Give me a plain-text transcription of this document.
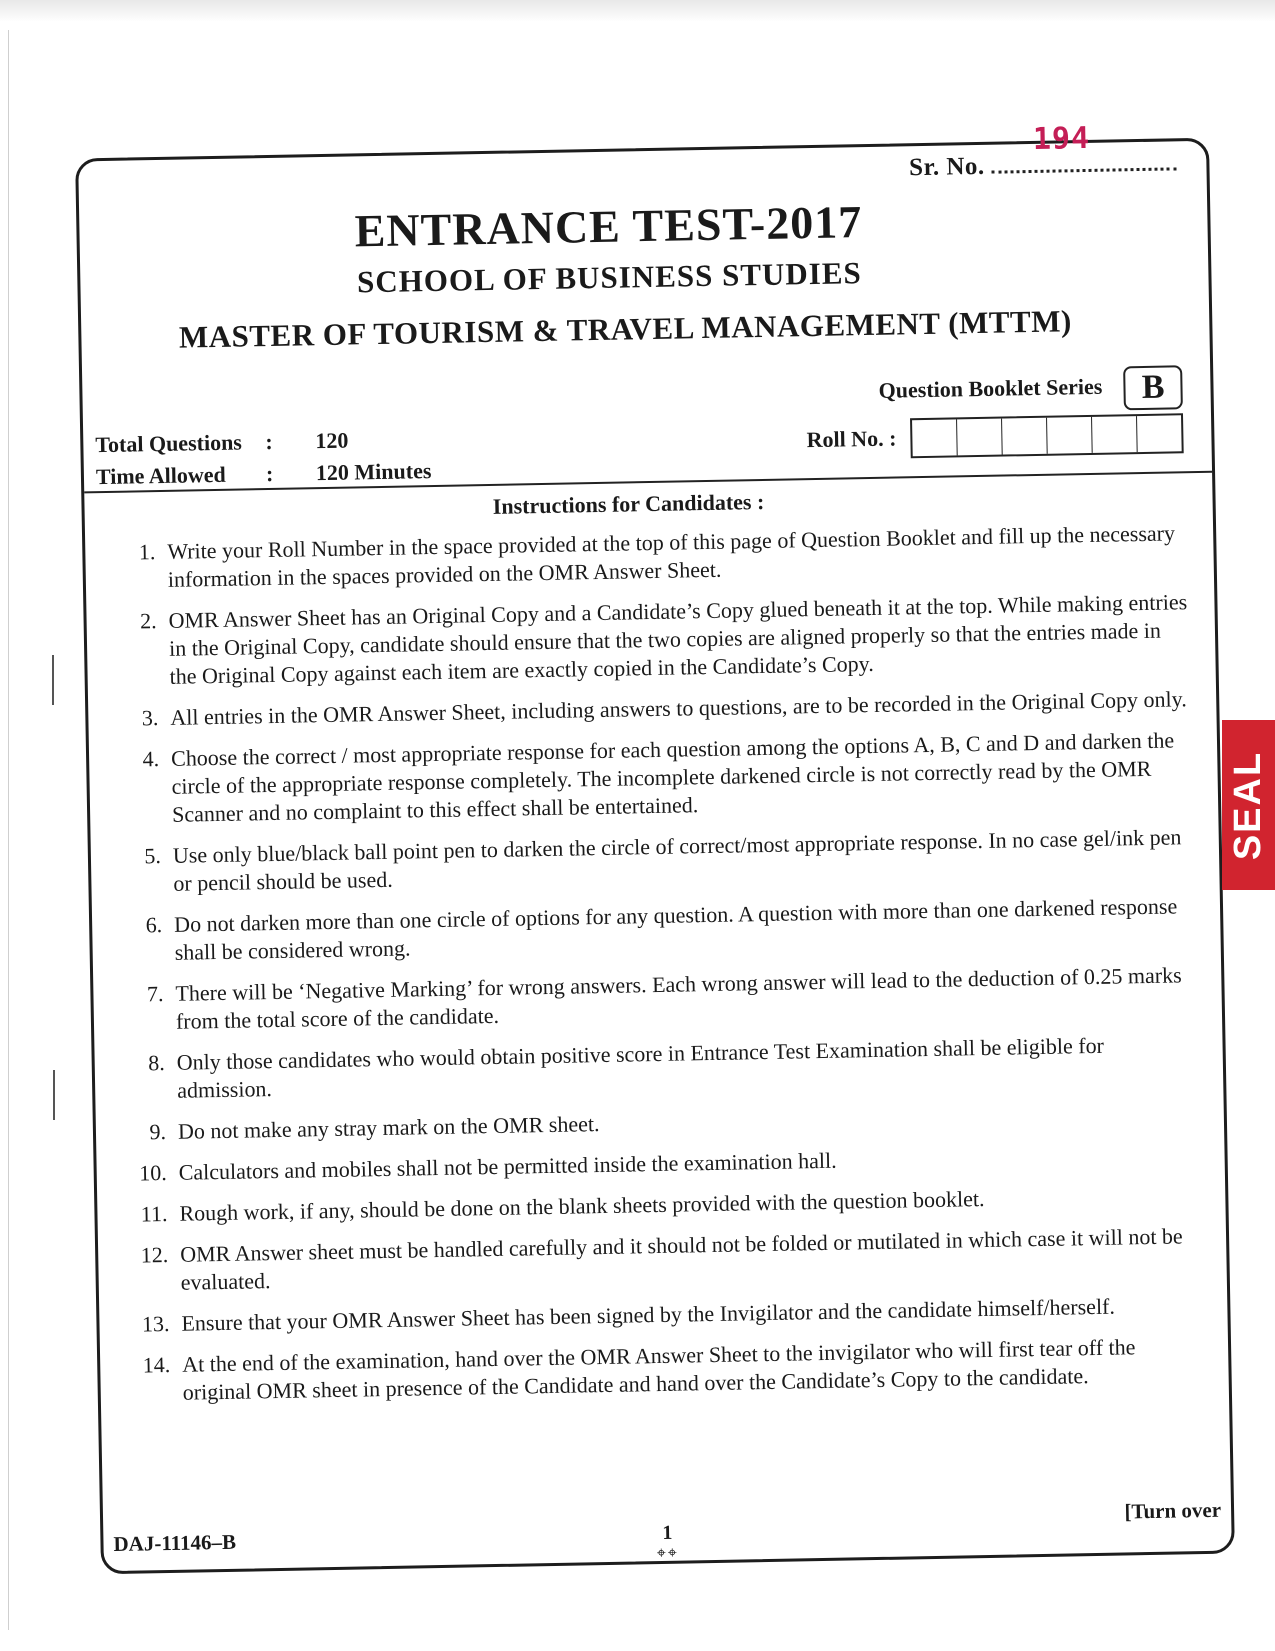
Sr. No.
194
ENTRANCE TEST-2017
SCHOOL OF BUSINESS STUDIES
MASTER OF TOURISM & TRAVEL MANAGEMENT (MTTM)
Question Booklet Series B
Total Questions	:	120
Time Allowed	:	120 Minutes
Roll No. :
Instructions for Candidates :
1. Write your Roll Number in the space provided at the top of this page of Question Booklet and fill up the necessary information in the spaces provided on the OMR Answer Sheet.
2. OMR Answer Sheet has an Original Copy and a Candidate’s Copy glued beneath it at the top. While making entries in the Original Copy, candidate should ensure that the two copies are aligned properly so that the entries made in the Original Copy against each item are exactly copied in the Candidate’s Copy.
3. All entries in the OMR Answer Sheet, including answers to questions, are to be recorded in the Original Copy only.
4. Choose the correct / most appropriate response for each question among the options A, B, C and D and darken the circle of the appropriate response completely. The incomplete darkened circle is not correctly read by the OMR Scanner and no complaint to this effect shall be entertained.
5. Use only blue/black ball point pen to darken the circle of correct/most appropriate response. In no case gel/ink pen or pencil should be used.
6. Do not darken more than one circle of options for any question. A question with more than one darkened response shall be considered wrong.
7. There will be ‘Negative Marking’ for wrong answers. Each wrong answer will lead to the deduction of 0.25 marks from the total score of the candidate.
8. Only those candidates who would obtain positive score in Entrance Test Examination shall be eligible for admission.
9. Do not make any stray mark on the OMR sheet.
10. Calculators and mobiles shall not be permitted inside the examination hall.
11. Rough work, if any, should be done on the blank sheets provided with the question booklet.
12. OMR Answer sheet must be handled carefully and it should not be folded or mutilated in which case it will not be evaluated.
13. Ensure that your OMR Answer Sheet has been signed by the Invigilator and the candidate himself/herself.
14. At the end of the examination, hand over the OMR Answer Sheet to the invigilator who will first tear off the original OMR sheet in presence of the Candidate and hand over the Candidate’s Copy to the candidate.
DAJ-11146–B	1
⌖⌖
[Turn over
SEAL
